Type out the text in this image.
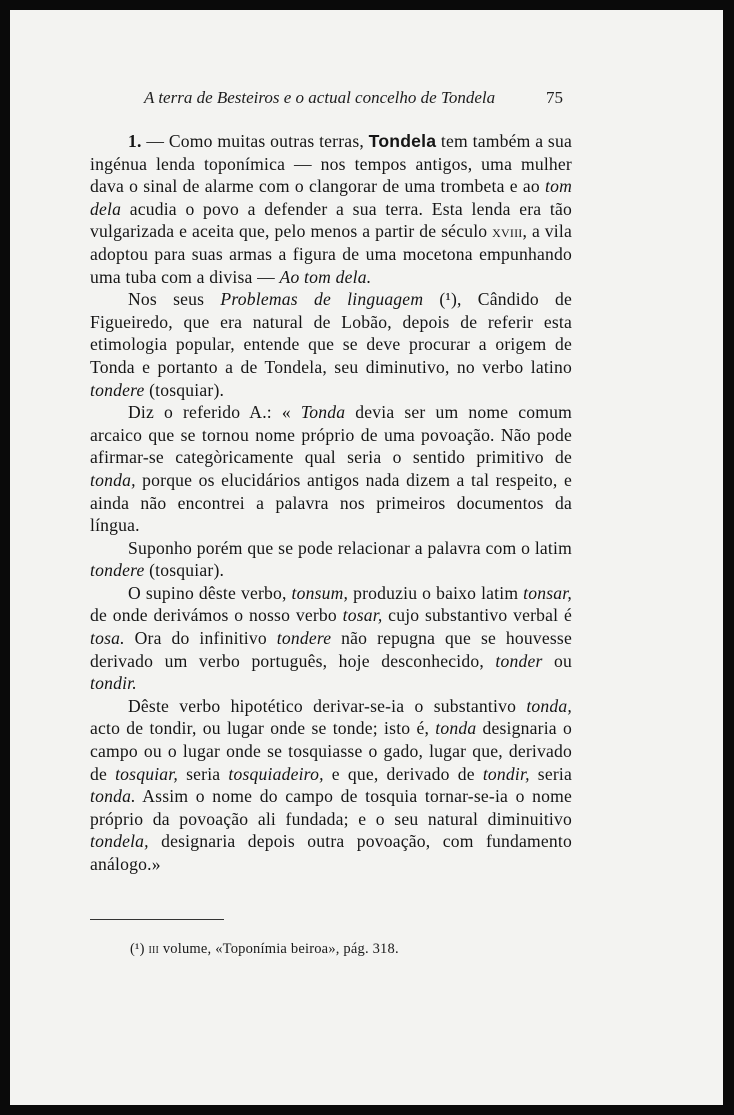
A terra de Besteiros e o actual concelho de Tondela	75

1. — Como muitas outras terras, Tondela tem também a sua ingénua lenda toponímica — nos tempos antigos, uma mulher dava o sinal de alarme com o clangorar de uma trombeta e ao tom dela acudia o povo a defender a sua terra. Esta lenda era tão vulgarizada e aceita que, pelo menos a partir de século xviii, a vila adoptou para suas armas a figura de uma mocetona empunhando uma tuba com a divisa — Ao tom dela.

Nos seus Problemas de linguagem (¹), Cândido de Figueiredo, que era natural de Lobão, depois de referir esta etimologia popular, entende que se deve procurar a origem de Tonda e portanto a de Tondela, seu diminutivo, no verbo latino tondere (tosquiar).

Diz o referido A.: « Tonda devia ser um nome comum arcaico que se tornou nome próprio de uma povoação. Não pode afirmar-se categòricamente qual seria o sentido primitivo de tonda, porque os elucidários antigos nada dizem a tal respeito, e ainda não encontrei a palavra nos primeiros documentos da língua.

Suponho porém que se pode relacionar a palavra com o latim tondere (tosquiar).

O supino dêste verbo, tonsum, produziu o baixo latim tonsar, de onde derivámos o nosso verbo tosar, cujo substantivo verbal é tosa. Ora do infinitivo tondere não repugna que se houvesse derivado um verbo português, hoje desconhecido, tonder ou tondir.

Dêste verbo hipotético derivar-se-ia o substantivo tonda, acto de tondir, ou lugar onde se tonde; isto é, tonda designaria o campo ou o lugar onde se tosquiasse o gado, lugar que, derivado de tosquiar, seria tosquiadeiro, e que, derivado de tondir, seria tonda. Assim o nome do campo de tosquia tornar-se-ia o nome próprio da povoação ali fundada; e o seu natural diminuitivo tondela, designaria depois outra povoação, com fundamento análogo.»

(¹) iii volume, «Toponímia beiroa», pág. 318.
